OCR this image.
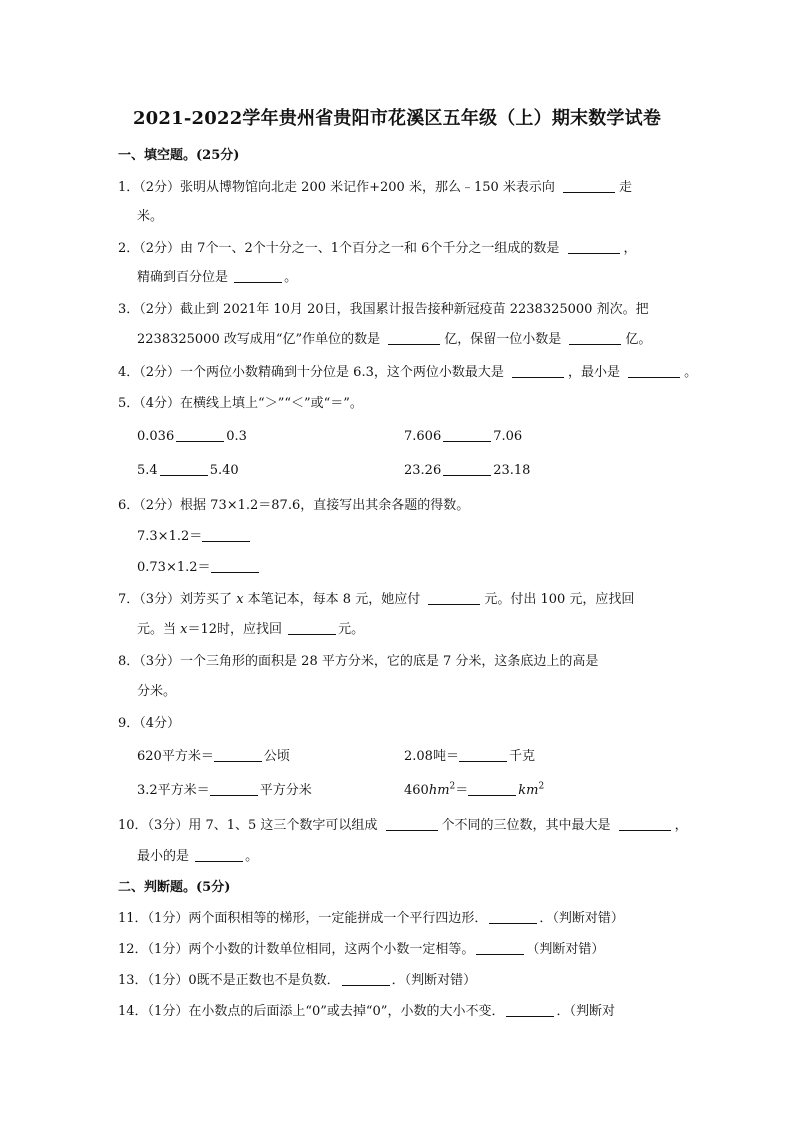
2021-2022学年贵州省贵阳市花溪区五年级（上）期末数学试卷
一、填空题。(25分)
1．（2分）张明从博物馆向北走 200 米记作+200 米，那么﹣150 米表示向	走
米。
2．（2分）由 7个一、2个十分之一、1个百分之一和 6个千分之一组成的数是	，
精确到百分位是	。
3．（2分）截止到 2021年 10月 20日，我国累计报告接种新冠疫苗 2238325000 剂次。把
2238325000 改写成用“亿”作单位的数是	亿，保留一位小数是	亿。
4．（2分）一个两位小数精确到十分位是 6.3，这个两位小数最大是	，最小是	。
5．（4分）在横线上填上“＞”“＜”或“＝”。
0.036	0.3	7.606	7.06
5.4	5.40	23.26	23.18
6．（2分）根据 73×1.2＝87.6，直接写出其余各题的得数。
7.3×1.2＝
0.73×1.2＝
7．（3分）刘芳买了 x 本笔记本，每本 8 元，她应付	元。付出 100 元，应找回
元。当 x＝12时，应找回	元。
8．（3分）一个三角形的面积是 28 平方分米，它的底是 7 分米，这条底边上的高是
分米。
9．（4分）
620平方米＝	公顷	2.08吨＝	千克
3.2平方米＝	平方分米	$460hm^2=$	$km^2$
10．（3分）用 7、1、5 这三个数字可以组成	个不同的三位数，其中最大是	，
最小的是	。
二、判断题。(5分)
11．（1分）两个面积相等的梯形，一定能拼成一个平行四边形．	．（判断对错）
12．（1分）两个小数的计数单位相同，这两个小数一定相等。	（判断对错）
13．（1分）0既不是正数也不是负数．	．（判断对错）
14．（1分）在小数点的后面添上“0”或去掉“0”，小数的大小不变．	．（判断对
